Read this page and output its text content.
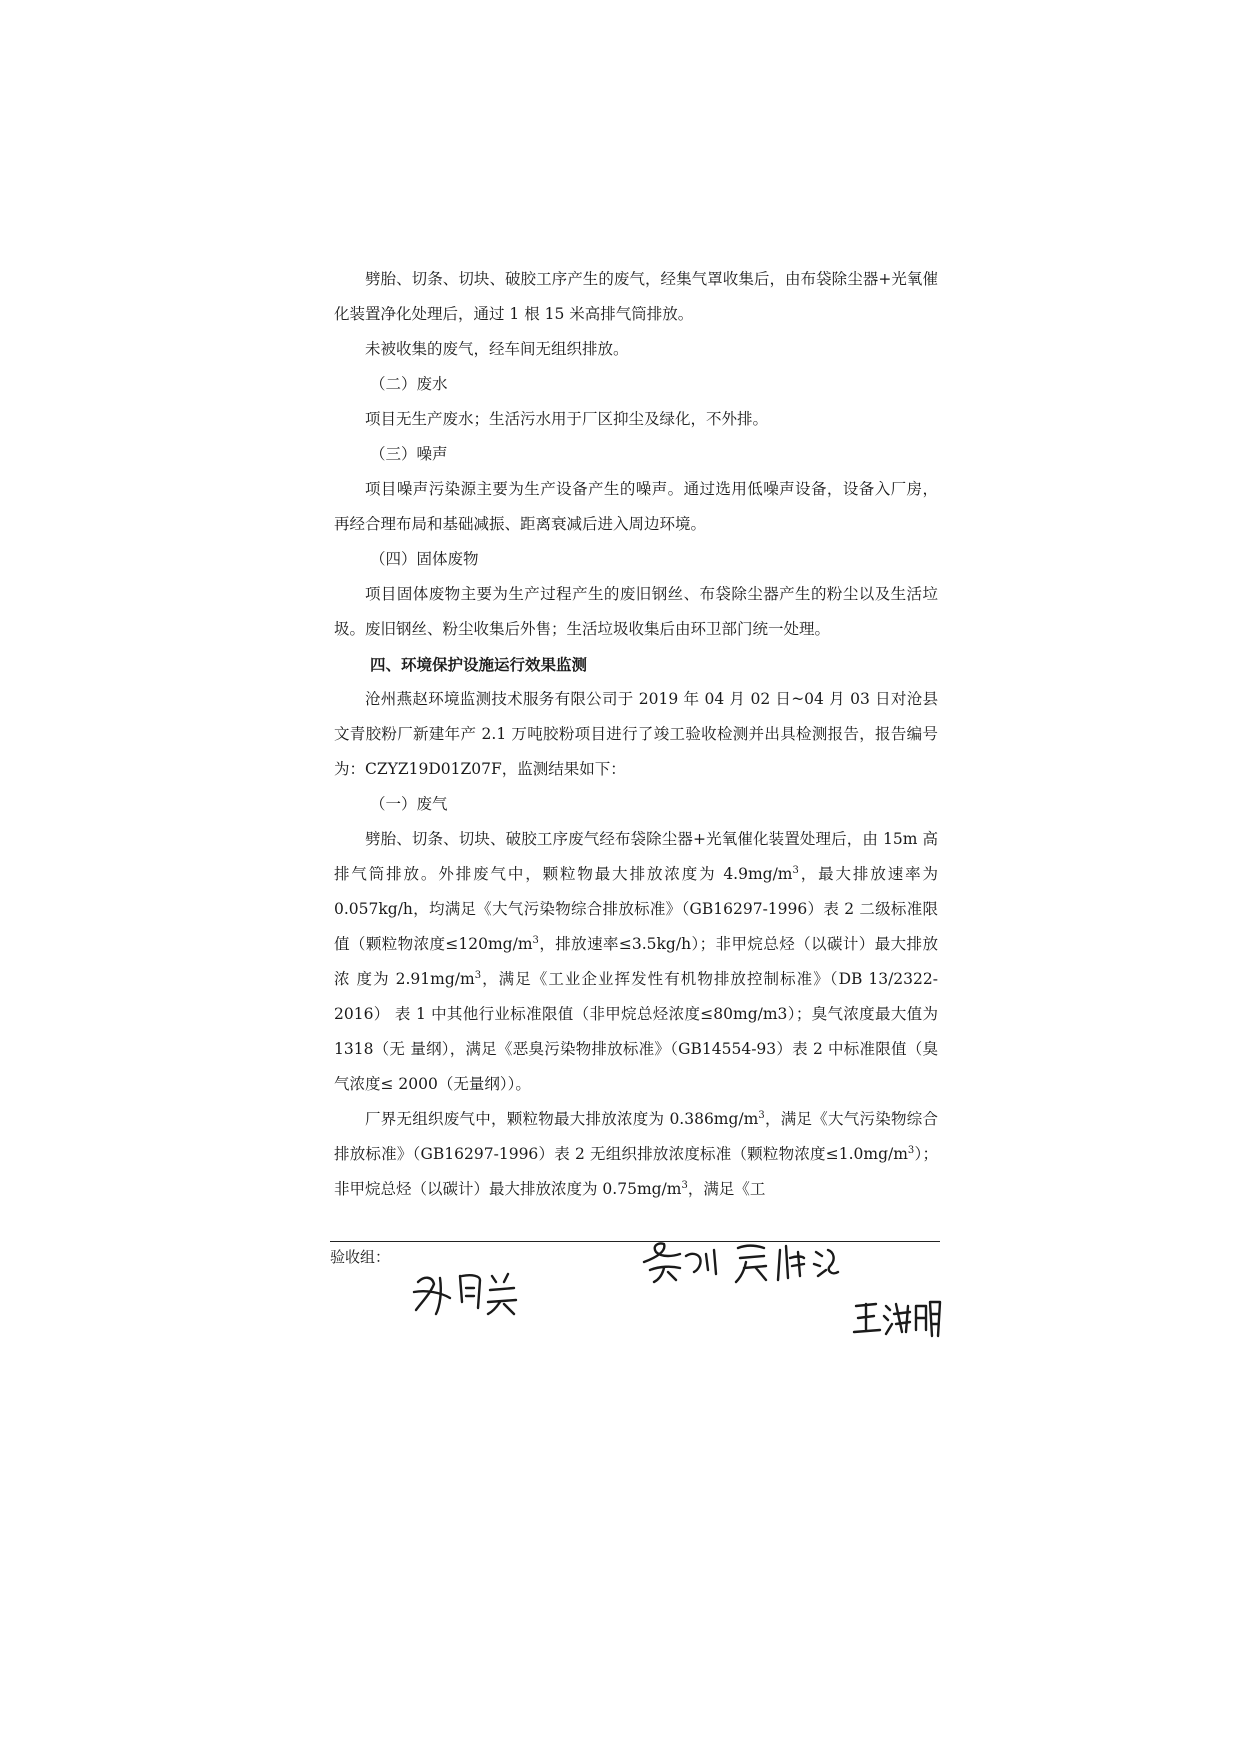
劈胎、切条、切块、破胶工序产生的废气，经集气罩收集后，由布袋除尘器+光氧催化装置净化处理后，通过 1 根 15 米高排气筒排放。

未被收集的废气，经车间无组织排放。

（二）废水

项目无生产废水；生活污水用于厂区抑尘及绿化，不外排。

（三）噪声

项目噪声污染源主要为生产设备产生的噪声。通过选用低噪声设备，设备入厂房，再经合理布局和基础减振、距离衰减后进入周边环境。

（四）固体废物

项目固体废物主要为生产过程产生的废旧钢丝、布袋除尘器产生的粉尘以及生活垃圾。废旧钢丝、粉尘收集后外售；生活垃圾收集后由环卫部门统一处理。

四、环境保护设施运行效果监测

沧州燕赵环境监测技术服务有限公司于 2019 年 04 月 02 日~04 月 03 日对沧县文青胶粉厂新建年产 2.1 万吨胶粉项目进行了竣工验收检测并出具检测报告，报告编号为：CZYZ19D01Z07F，监测结果如下：

（一）废气

劈胎、切条、切块、破胶工序废气经布袋除尘器+光氧催化装置处理后，由 15m 高排气筒排放。外排废气中，颗粒物最大排放浓度为 $4.9mg/m^3$，最大排放速率为 0.057kg/h，均满足《大气污染物综合排放标准》（GB16297-1996）表 2 二级标准限值（颗粒物浓度$\le 120mg/m^3$，排放速率≤3.5kg/h）；非甲烷总烃（以碳计）最大排放浓 度为 $2.91mg/m^3$，满足《工业企业挥发性有机物排放控制标准》（DB 13/2322-2016） 表 1 中其他行业标准限值（非甲烷总烃浓度≤80mg/m3）；臭气浓度最大值为 1318（无 量纲），满足《恶臭污染物排放标准》（GB14554-93）表 2 中标准限值（臭气浓度≤ 2000（无量纲））。

厂界无组织废气中，颗粒物最大排放浓度为 $0.386mg/m^3$，满足《大气污染物综合 排放标准》（GB16297-1996）表 2 无组织排放浓度标准（颗粒物浓度$\le 1.0mg/m^3$）； 非甲烷总烃（以碳计）最大排放浓度为 $0.75mg/m^3$，满足《工

验收组：
